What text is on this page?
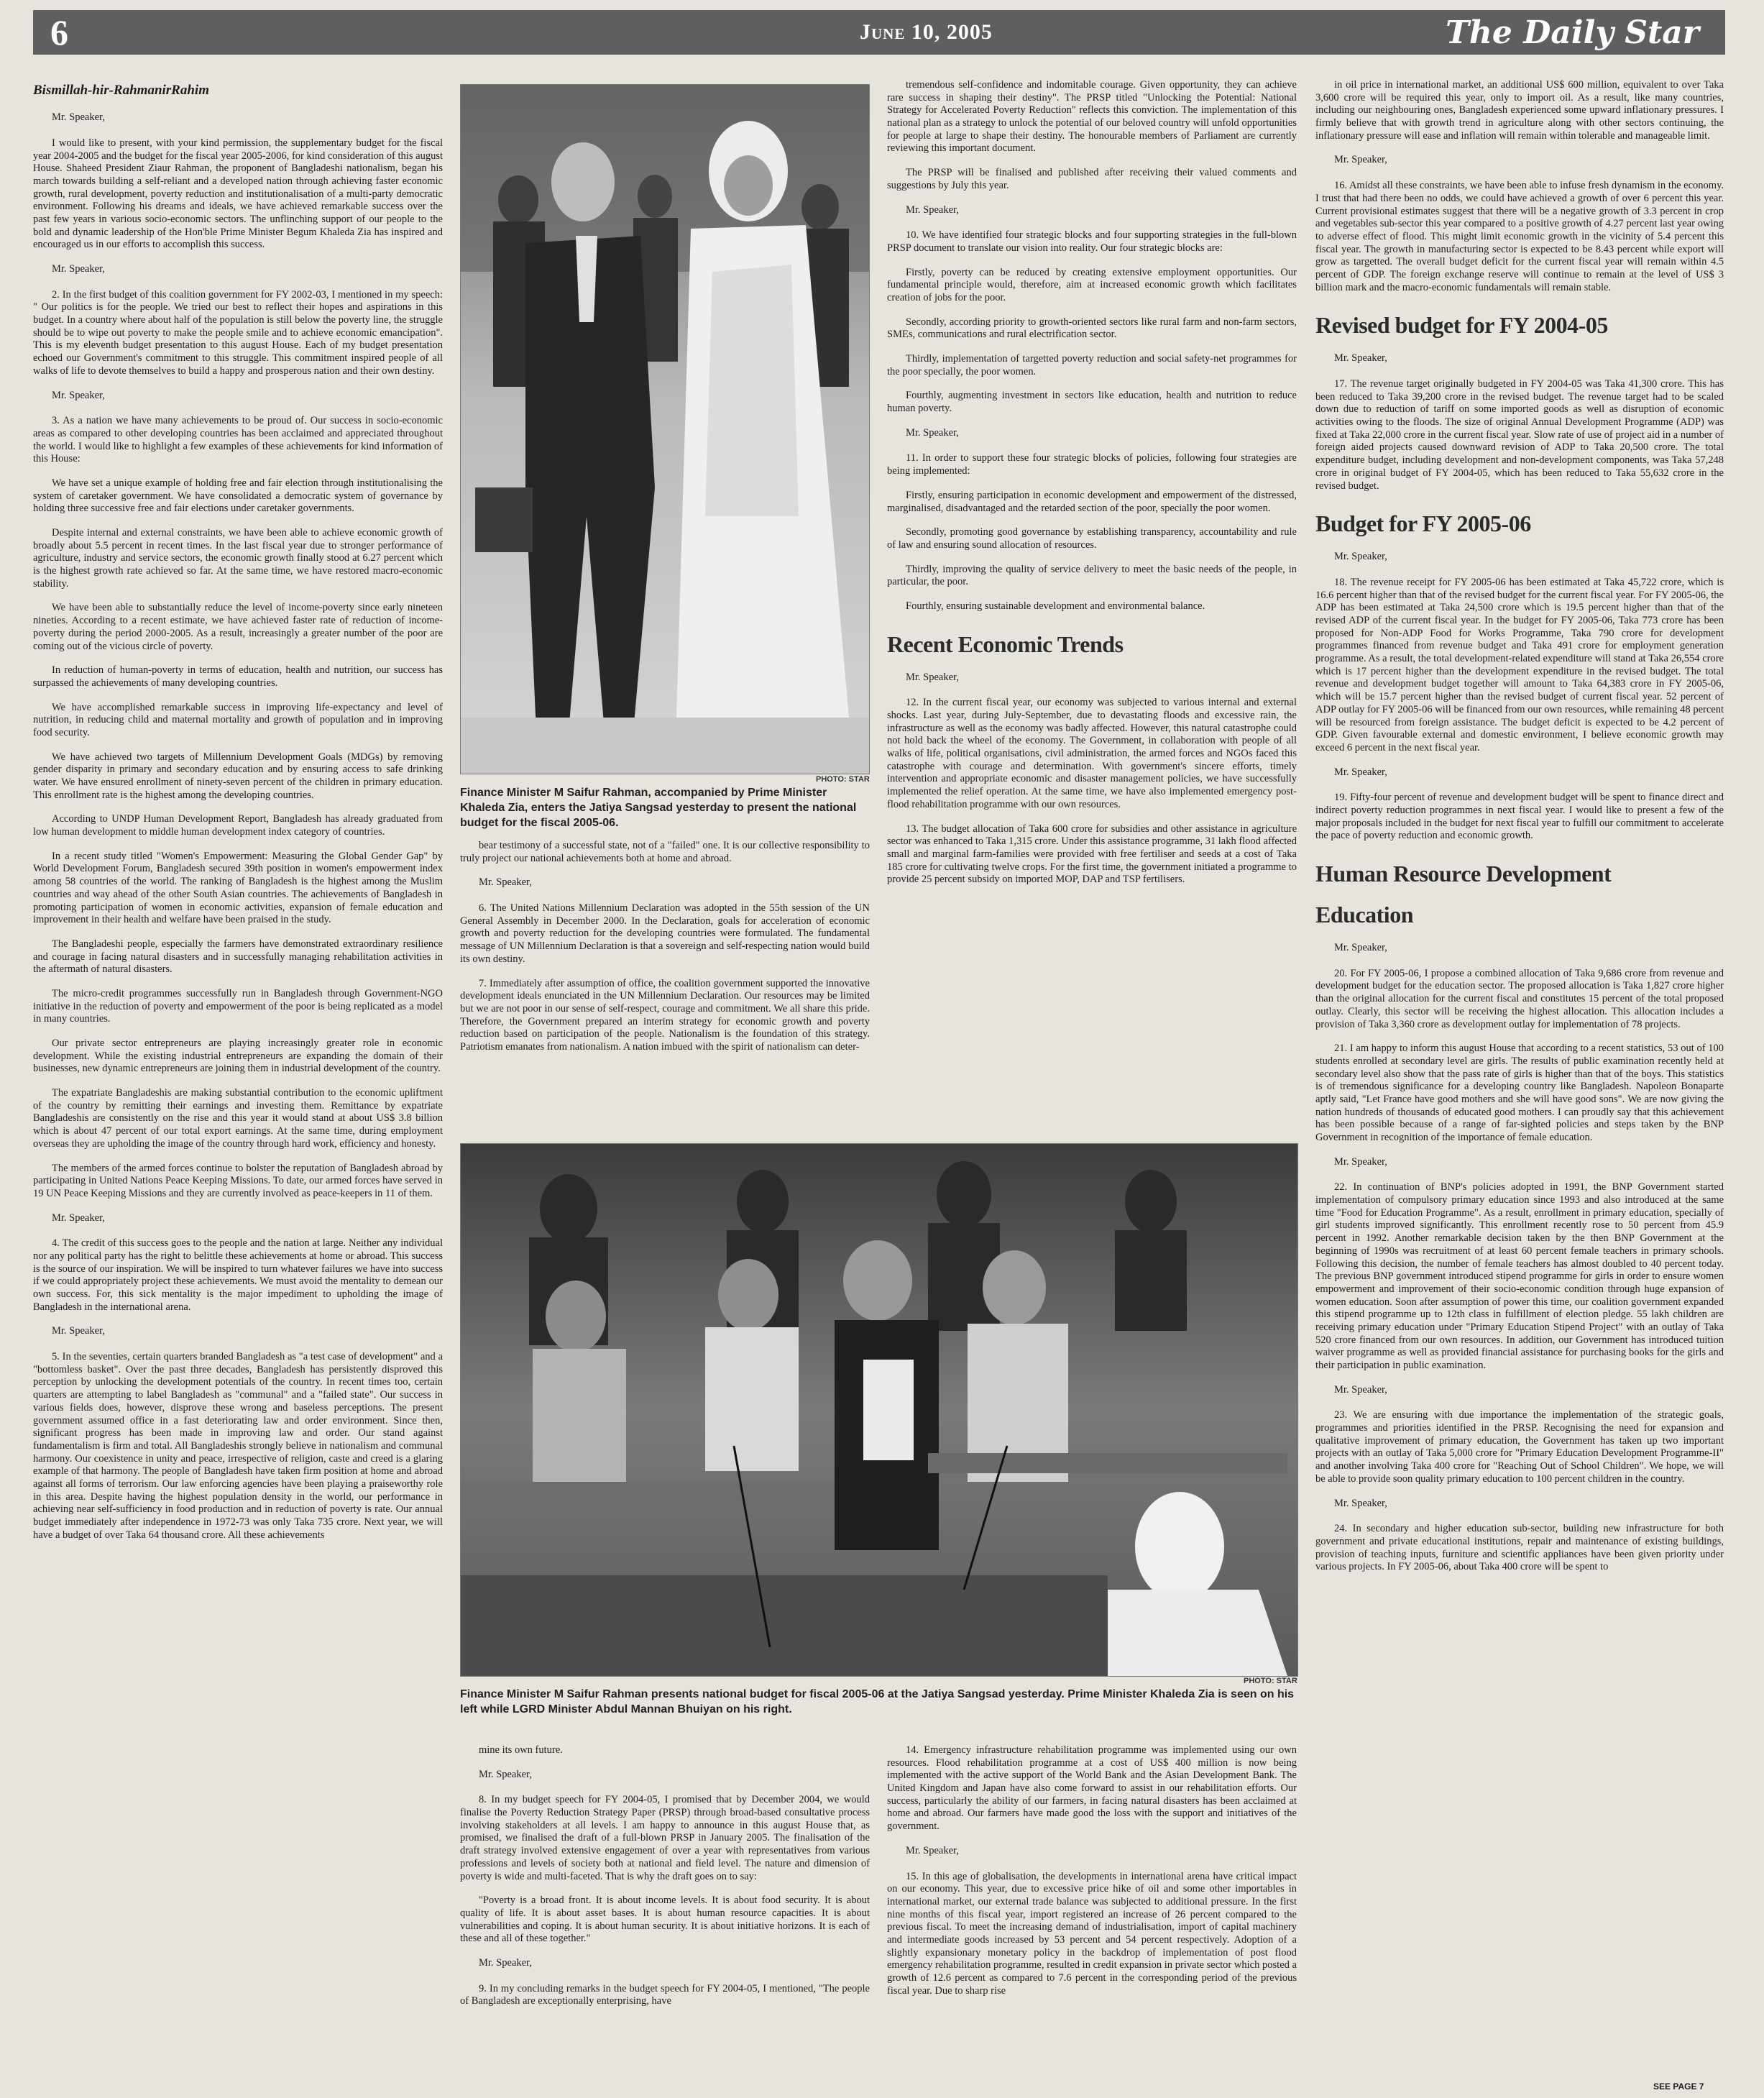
6	June 10, 2005	The Daily Star
Bismillah-hir-RahmanirRahim

Mr. Speaker,

I would like to present, with your kind permission, the supplementary budget for the fiscal year 2004-2005 and the budget for the fiscal year 2005-2006, for kind consideration of this august House. Shaheed President Ziaur Rahman, the proponent of Bangladeshi nationalism, began his march towards building a self-reliant and a developed nation through achieving faster economic growth, rural development, poverty reduction and institutionalisation of a multi-party democratic environment. Following his dreams and ideals, we have achieved remarkable success over the past few years in various socio-economic sectors. The unflinching support of our people to the bold and dynamic leadership of the Hon'ble Prime Minister Begum Khaleda Zia has inspired and encouraged us in our efforts to accomplish this success.

Mr. Speaker,

2. In the first budget of this coalition government for FY 2002-03, I mentioned in my speech: " Our politics is for the people. We tried our best to reflect their hopes and aspirations in this budget. In a country where about half of the population is still below the poverty line, the struggle should be to wipe out poverty to make the people smile and to achieve economic emancipation". This is my eleventh budget presentation to this august House. Each of my budget presentation echoed our Government's commitment to this struggle. This commitment inspired people of all walks of life to devote themselves to build a happy and prosperous nation and their own destiny.

Mr. Speaker,

3. As a nation we have many achievements to be proud of. Our success in socio-economic areas as compared to other developing countries has been acclaimed and appreciated throughout the world. I would like to highlight a few examples of these achievements for kind information of this House:

We have set a unique example of holding free and fair election through institutionalising the system of caretaker government. We have consolidated a democratic system of governance by holding three successive free and fair elections under caretaker governments.

Despite internal and external constraints, we have been able to achieve economic growth of broadly about 5.5 percent in recent times. In the last fiscal year due to stronger performance of agriculture, industry and service sectors, the economic growth finally stood at 6.27 percent which is the highest growth rate achieved so far. At the same time, we have restored macro-economic stability.

We have been able to substantially reduce the level of income-poverty since early nineteen nineties. According to a recent estimate, we have achieved faster rate of reduction of income-poverty during the period 2000-2005. As a result, increasingly a greater number of the poor are coming out of the vicious circle of poverty.

In reduction of human-poverty in terms of education, health and nutrition, our success has surpassed the achievements of many developing countries.

We have accomplished remarkable success in improving life-expectancy and level of nutrition, in reducing child and maternal mortality and growth of population and in improving food security.

We have achieved two targets of Millennium Development Goals (MDGs) by removing gender disparity in primary and secondary education and by ensuring access to safe drinking water. We have ensured enrollment of ninety-seven percent of the children in primary education. This enrollment rate is the highest among the developing countries.

According to UNDP Human Development Report, Bangladesh has already graduated from low human development to middle human development index category of countries.

In a recent study titled "Women's Empowerment: Measuring the Global Gender Gap" by World Development Forum, Bangladesh secured 39th position in women's empowerment index among 58 countries of the world. The ranking of Bangladesh is the highest among the Muslim countries and way ahead of the other South Asian countries. The achievements of Bangladesh in promoting participation of women in economic activities, expansion of female education and improvement in their health and welfare have been praised in the study.

The Bangladeshi people, especially the farmers have demonstrated extraordinary resilience and courage in facing natural disasters and in successfully managing rehabilitation activities in the aftermath of natural disasters.

The micro-credit programmes successfully run in Bangladesh through Government-NGO initiative in the reduction of poverty and empowerment of the poor is being replicated as a model in many countries.

Our private sector entrepreneurs are playing increasingly greater role in economic development. While the existing industrial entrepreneurs are expanding the domain of their businesses, new dynamic entrepreneurs are joining them in industrial development of the country.

The expatriate Bangladeshis are making substantial contribution to the economic upliftment of the country by remitting their earnings and investing them. Remittance by expatriate Bangladeshis are consistently on the rise and this year it would stand at about US$ 3.8 billion which is about 47 percent of our total export earnings. At the same time, during employment overseas they are upholding the image of the country through hard work, efficiency and honesty.

The members of the armed forces continue to bolster the reputation of Bangladesh abroad by participating in United Nations Peace Keeping Missions. To date, our armed forces have served in 19 UN Peace Keeping Missions and they are currently involved as peace-keepers in 11 of them.

Mr. Speaker,

4. The credit of this success goes to the people and the nation at large. Neither any individual nor any political party has the right to belittle these achievements at home or abroad. This success is the source of our inspiration. We will be inspired to turn whatever failures we have into success if we could appropriately project these achievements. We must avoid the mentality to demean our own success. For, this sick mentality is the major impediment to upholding the image of Bangladesh in the international arena.

Mr. Speaker,

5. In the seventies, certain quarters branded Bangladesh as "a test case of development" and a "bottomless basket". Over the past three decades, Bangladesh has persistently disproved this perception by unlocking the development potentials of the country. In recent times too, certain quarters are attempting to label Bangladesh as "communal" and a "failed state". Our success in various fields does, however, disprove these wrong and baseless perceptions. The present government assumed office in a fast deteriorating law and order environment. Since then, significant progress has been made in improving law and order. Our stand against fundamentalism is firm and total. All Bangladeshis strongly believe in nationalism and communal harmony. Our coexistence in unity and peace, irrespective of religion, caste and creed is a glaring example of that harmony. The people of Bangladesh have taken firm position at home and abroad against all forms of terrorism. Our law enforcing agencies have been playing a praiseworthy role in this area. Despite having the highest population density in the world, our performance in achieving near self-sufficiency in food production and in reduction of poverty is rate. Our annual budget immediately after independence in 1972-73 was only Taka 735 crore. Next year, we will have a budget of over Taka 64 thousand crore. All these achievements

PHOTO: STAR
Finance Minister M Saifur Rahman, accompanied by Prime Minister Khaleda Zia, enters the Jatiya Sangsad yesterday to present the national budget for the fiscal 2005-06.

bear testimony of a successful state, not of a "failed" one. It is our collective responsibility to truly project our national achievements both at home and abroad.

Mr. Speaker,

6. The United Nations Millennium Declaration was adopted in the 55th session of the UN General Assembly in December 2000. In the Declaration, goals for acceleration of economic growth and poverty reduction for the developing countries were formulated. The fundamental message of UN Millennium Declaration is that a sovereign and self-respecting nation would build its own destiny.

7. Immediately after assumption of office, the coalition government supported the innovative development ideals enunciated in the UN Millennium Declaration. Our resources may be limited but we are not poor in our sense of self-respect, courage and commitment. We all share this pride. Therefore, the Government prepared an interim strategy for economic growth and poverty reduction based on participation of the people. Nationalism is the foundation of this strategy. Patriotism emanates from nationalism. A nation imbued with the spirit of nationalism can deter-

tremendous self-confidence and indomitable courage. Given opportunity, they can achieve rare success in shaping their destiny". The PRSP titled "Unlocking the Potential: National Strategy for Accelerated Poverty Reduction" reflects this conviction. The implementation of this national plan as a strategy to unlock the potential of our beloved country will unfold opportunities for people at large to shape their destiny. The honourable members of Parliament are currently reviewing this important document.

The PRSP will be finalised and published after receiving their valued comments and suggestions by July this year.

Mr. Speaker,

10. We have identified four strategic blocks and four supporting strategies in the full-blown PRSP document to translate our vision into reality. Our four strategic blocks are:

Firstly, poverty can be reduced by creating extensive employment opportunities. Our fundamental principle would, therefore, aim at increased economic growth which facilitates creation of jobs for the poor.

Secondly, according priority to growth-oriented sectors like rural farm and non-farm sectors, SMEs, communications and rural electrification sector.

Thirdly, implementation of targetted poverty reduction and social safety-net programmes for the poor specially, the poor women.

Fourthly, augmenting investment in sectors like education, health and nutrition to reduce human poverty.

Mr. Speaker,

11. In order to support these four strategic blocks of policies, following four strategies are being implemented:

Firstly, ensuring participation in economic development and empowerment of the distressed, marginalised, disadvantaged and the retarded section of the poor, specially the poor women.

Secondly, promoting good governance by establishing transparency, accountability and rule of law and ensuring sound allocation of resources.

Thirdly, improving the quality of service delivery to meet the basic needs of the people, in particular, the poor.

Fourthly, ensuring sustainable development and environmental balance.

Recent Economic Trends

Mr. Speaker,

12. In the current fiscal year, our economy was subjected to various internal and external shocks. Last year, during July-September, due to devastating floods and excessive rain, the infrastructure as well as the economy was badly affected. However, this natural catastrophe could not hold back the wheel of the economy. The Government, in collaboration with people of all walks of life, political organisations, civil administration, the armed forces and NGOs faced this catastrophe with courage and determination. With government's sincere efforts, timely intervention and appropriate economic and disaster management policies, we have successfully implemented the relief operation. At the same time, we have also implemented emergency post-flood rehabilitation programme with our own resources.

13. The budget allocation of Taka 600 crore for subsidies and other assistance in agriculture sector was enhanced to Taka 1,315 crore. Under this assistance programme, 31 lakh flood affected small and marginal farm-families were provided with free fertiliser and seeds at a cost of Taka 185 crore for cultivating twelve crops. For the first time, the government initiated a programme to provide 25 percent subsidy on imported MOP, DAP and TSP fertilisers.

PHOTO: STAR
Finance Minister M Saifur Rahman presents national budget for fiscal 2005-06 at the Jatiya Sangsad yesterday. Prime Minister Khaleda Zia is seen on his left while LGRD Minister Abdul Mannan Bhuiyan on his right.

mine its own future.

Mr. Speaker,

8. In my budget speech for FY 2004-05, I promised that by December 2004, we would finalise the Poverty Reduction Strategy Paper (PRSP) through broad-based consultative process involving stakeholders at all levels. I am happy to announce in this august House that, as promised, we finalised the draft of a full-blown PRSP in January 2005. The finalisation of the draft strategy involved extensive engagement of over a year with representatives from various professions and levels of society both at national and field level. The nature and dimension of poverty is wide and multi-faceted. That is why the draft goes on to say:

"Poverty is a broad front. It is about income levels. It is about food security. It is about quality of life. It is about asset bases. It is about human resource capacities. It is about vulnerabilities and coping. It is about human security. It is about initiative horizons. It is each of these and all of these together."

Mr. Speaker,

9. In my concluding remarks in the budget speech for FY 2004-05, I mentioned, "The people of Bangladesh are exceptionally enterprising, have

14. Emergency infrastructure rehabilitation programme was implemented using our own resources. Flood rehabilitation programme at a cost of US$ 400 million is now being implemented with the active support of the World Bank and the Asian Development Bank. The United Kingdom and Japan have also come forward to assist in our rehabilitation efforts. Our success, particularly the ability of our farmers, in facing natural disasters has been acclaimed at home and abroad. Our farmers have made good the loss with the support and initiatives of the government.

Mr. Speaker,

15. In this age of globalisation, the developments in international arena have critical impact on our economy. This year, due to excessive price hike of oil and some other importables in international market, our external trade balance was subjected to additional pressure. In the first nine months of this fiscal year, import registered an increase of 26 percent compared to the previous fiscal. To meet the increasing demand of industrialisation, import of capital machinery and intermediate goods increased by 53 percent and 54 percent respectively. Adoption of a slightly expansionary monetary policy in the backdrop of implementation of post flood emergency rehabilitation programme, resulted in credit expansion in private sector which posted a growth of 12.6 percent as compared to 7.6 percent in the corresponding period of the previous fiscal year. Due to sharp rise

in oil price in international market, an additional US$ 600 million, equivalent to over Taka 3,600 crore will be required this year, only to import oil. As a result, like many countries, including our neighbouring ones, Bangladesh experienced some upward inflationary pressures. I firmly believe that with growth trend in agriculture along with other sectors continuing, the inflationary pressure will ease and inflation will remain within tolerable and manageable limit.

Mr. Speaker,

16. Amidst all these constraints, we have been able to infuse fresh dynamism in the economy. I trust that had there been no odds, we could have achieved a growth of over 6 percent this year. Current provisional estimates suggest that there will be a negative growth of 3.3 percent in crop and vegetables sub-sector this year compared to a positive growth of 4.27 percent last year owing to adverse effect of flood. This might limit economic growth in the vicinity of 5.4 percent this fiscal year. The growth in manufacturing sector is expected to be 8.43 percent while export will grow as targetted. The overall budget deficit for the current fiscal year will remain within 4.5 percent of GDP. The foreign exchange reserve will continue to remain at the level of US$ 3 billion mark and the macro-economic fundamentals will remain stable.

Revised budget for FY 2004-05

Mr. Speaker,

17. The revenue target originally budgeted in FY 2004-05 was Taka 41,300 crore. This has been reduced to Taka 39,200 crore in the revised budget. The revenue target had to be scaled down due to reduction of tariff on some imported goods as well as disruption of economic activities owing to the floods. The size of original Annual Development Programme (ADP) was fixed at Taka 22,000 crore in the current fiscal year. Slow rate of use of project aid in a number of foreign aided projects caused downward revision of ADP to Taka 20,500 crore. The total expenditure budget, including development and non-development components, was Taka 57,248 crore in original budget of FY 2004-05, which has been reduced to Taka 55,632 crore in the revised budget.

Budget for FY 2005-06

Mr. Speaker,

18. The revenue receipt for FY 2005-06 has been estimated at Taka 45,722 crore, which is 16.6 percent higher than that of the revised budget for the current fiscal year. For FY 2005-06, the ADP has been estimated at Taka 24,500 crore which is 19.5 percent higher than that of the revised ADP of the current fiscal year. In the budget for FY 2005-06, Taka 773 crore has been proposed for Non-ADP Food for Works Programme, Taka 790 crore for development programmes financed from revenue budget and Taka 491 crore for employment generation programme. As a result, the total development-related expenditure will stand at Taka 26,554 crore which is 17 percent higher than the development expenditure in the revised budget. The total revenue and development budget together will amount to Taka 64,383 crore in FY 2005-06, which will be 15.7 percent higher than the revised budget of current fiscal year. 52 percent of ADP outlay for FY 2005-06 will be financed from our own resources, while remaining 48 percent will be resourced from foreign assistance. The budget deficit is expected to be 4.2 percent of GDP. Given favourable external and domestic environment, I believe economic growth may exceed 6 percent in the next fiscal year.

Mr. Speaker,

19. Fifty-four percent of revenue and development budget will be spent to finance direct and indirect poverty reduction programmes in next fiscal year. I would like to present a few of the major proposals included in the budget for next fiscal year to fulfill our commitment to accelerate the pace of poverty reduction and economic growth.

Human Resource Development
Education

Mr. Speaker,

20. For FY 2005-06, I propose a combined allocation of Taka 9,686 crore from revenue and development budget for the education sector. The proposed allocation is Taka 1,827 crore higher than the original allocation for the current fiscal and constitutes 15 percent of the total proposed outlay. Clearly, this sector will be receiving the highest allocation. This allocation includes a provision of Taka 3,360 crore as development outlay for implementation of 78 projects.

21. I am happy to inform this august House that according to a recent statistics, 53 out of 100 students enrolled at secondary level are girls. The results of public examination recently held at secondary level also show that the pass rate of girls is higher than that of the boys. This statistics is of tremendous significance for a developing country like Bangladesh. Napoleon Bonaparte aptly said, "Let France have good mothers and she will have good sons". We are now giving the nation hundreds of thousands of educated good mothers. I can proudly say that this achievement has been possible because of a range of far-sighted policies and steps taken by the BNP Government in recognition of the importance of female education.

Mr. Speaker,

22. In continuation of BNP's policies adopted in 1991, the BNP Government started implementation of compulsory primary education since 1993 and also introduced at the same time "Food for Education Programme". As a result, enrollment in primary education, specially of girl students improved significantly. This enrollment recently rose to 50 percent from 45.9 percent in 1992. Another remarkable decision taken by the then BNP Government at the beginning of 1990s was recruitment of at least 60 percent female teachers in primary schools. Following this decision, the number of female teachers has almost doubled to 40 percent today. The previous BNP government introduced stipend programme for girls in order to ensure women empowerment and improvement of their socio-economic condition through huge expansion of women education. Soon after assumption of power this time, our coalition government expanded this stipend programme up to 12th class in fulfillment of election pledge. 55 lakh children are receiving primary education under "Primary Education Stipend Project" with an outlay of Taka 520 crore financed from our own resources. In addition, our Government has introduced tuition waiver programme as well as provided financial assistance for purchasing books for the girls and their participation in public examination.

Mr. Speaker,

23. We are ensuring with due importance the implementation of the strategic goals, programmes and priorities identified in the PRSP. Recognising the need for expansion and qualitative improvement of primary education, the Government has taken up two important projects with an outlay of Taka 5,000 crore for "Primary Education Development Programme-II" and another involving Taka 400 crore for "Reaching Out of School Children". We hope, we will be able to provide soon quality primary education to 100 percent children in the country.

Mr. Speaker,

24. In secondary and higher education sub-sector, building new infrastructure for both government and private educational institutions, repair and maintenance of existing buildings, provision of teaching inputs, furniture and scientific appliances have been given priority under various projects. In FY 2005-06, about Taka 400 crore will be spent to

SEE PAGE 7
